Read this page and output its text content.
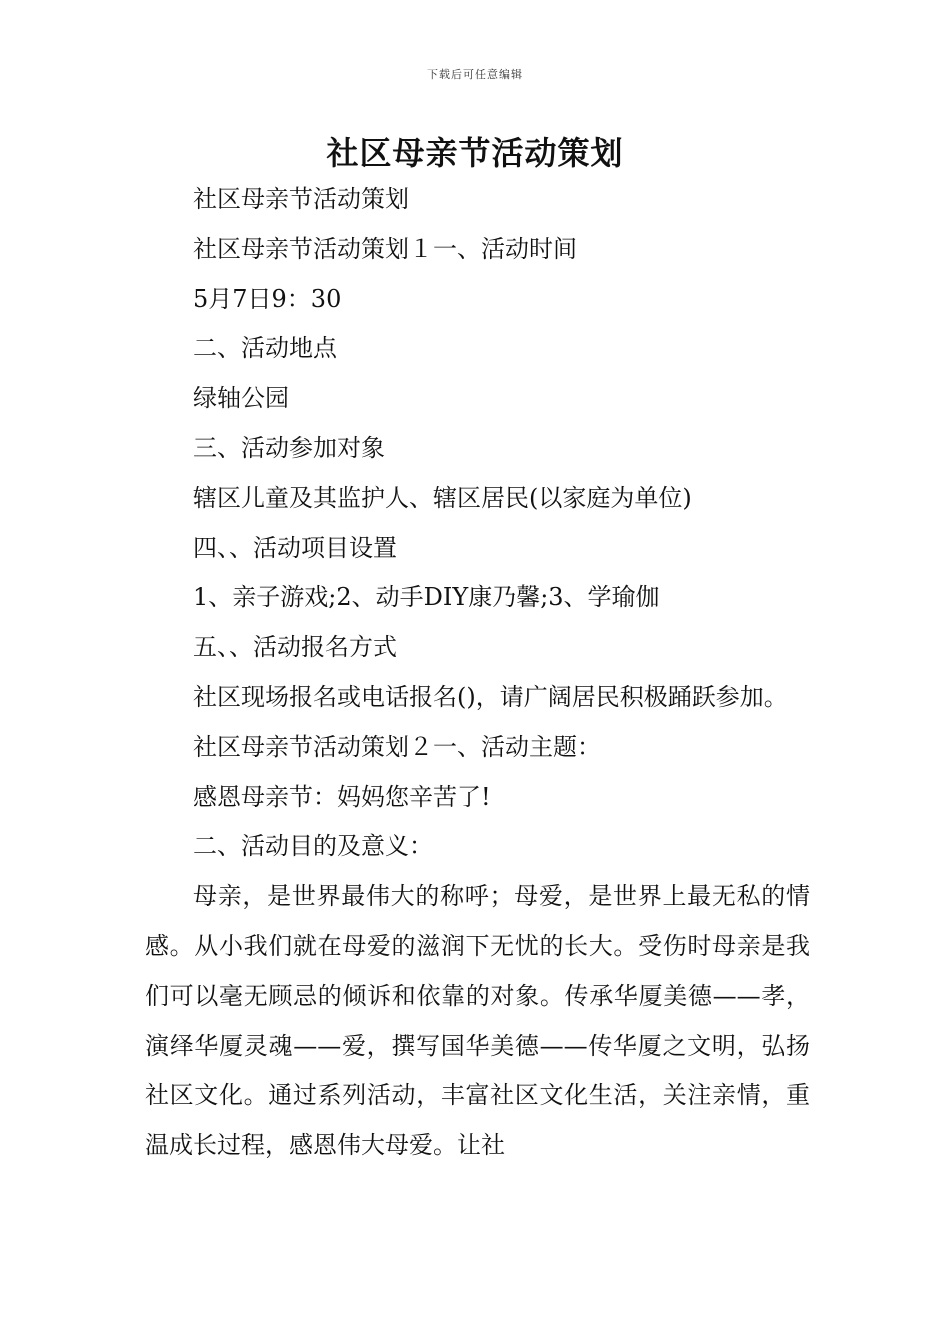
下载后可任意编辑
社区母亲节活动策划

社区母亲节活动策划

社区母亲节活动策划１一、活动时间

5月7日9：30

二、活动地点

绿轴公园

三、活动参加对象

辖区儿童及其监护人、辖区居民(以家庭为单位)

四、、活动项目设置

1、亲子游戏;2、动手DIY康乃馨;3、学瑜伽

五、、活动报名方式

社区现场报名或电话报名()，请广阔居民积极踊跃参加。

社区母亲节活动策划２一、活动主题：

感恩母亲节：妈妈您辛苦了!

二、活动目的及意义：

母亲，是世界最伟大的称呼；母爱，是世界上最无私的情感。从小我们就在母爱的滋润下无忧的长大。受伤时母亲是我们可以毫无顾忌的倾诉和依靠的对象。传承华厦美德——孝，演绎华厦灵魂——爱，撰写国华美德——传华厦之文明，弘扬社区文化。通过系列活动，丰富社区文化生活，关注亲情，重温成长过程，感恩伟大母爱。让社
